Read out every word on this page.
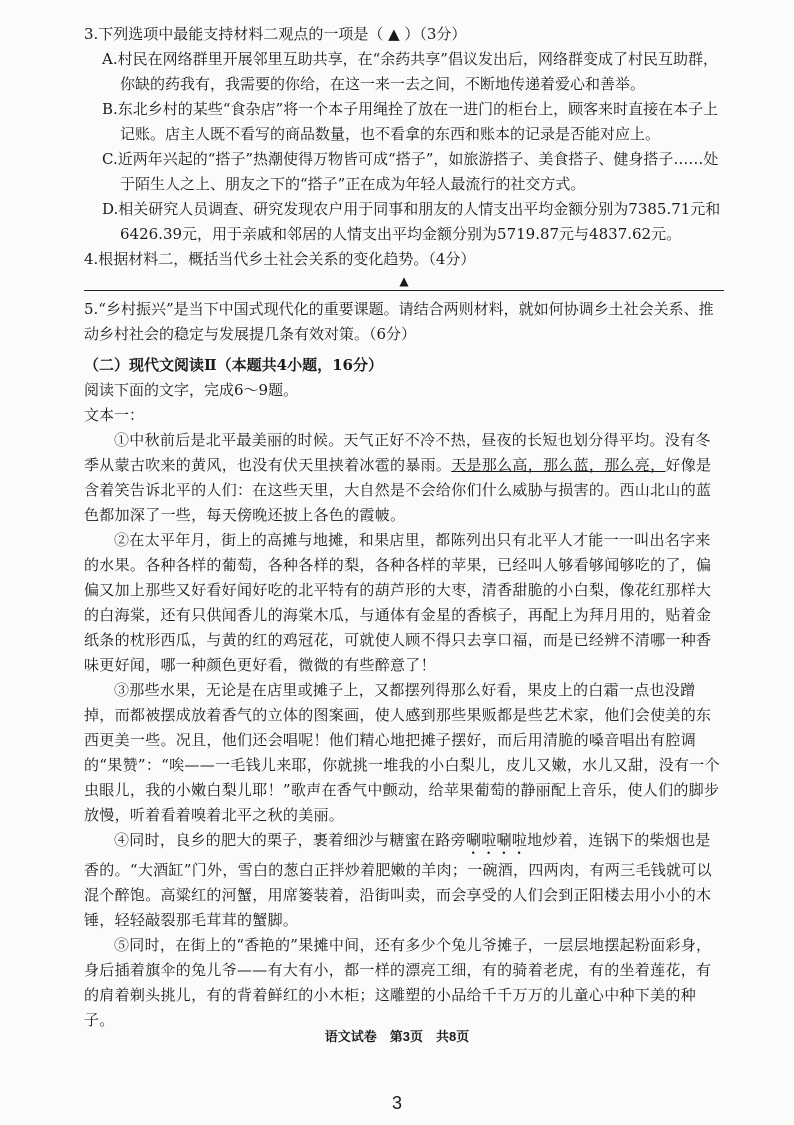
3.下列选项中最能支持材料二观点的一项是（ ▲ ）（3分）

A.村民在网络群里开展邻里互助共享，在“余药共享”倡议发出后，网络群变成了村民互助群，你缺的药我有，我需要的你给，在这一来一去之间，不断地传递着爱心和善举。

B.东北乡村的某些“食杂店”将一个本子用绳拴了放在一进门的柜台上，顾客来时直接在本子上记账。店主人既不看写的商品数量，也不看拿的东西和账本的记录是否能对应上。

C.近两年兴起的“搭子”热潮使得万物皆可成“搭子”，如旅游搭子、美食搭子、健身搭子……处于陌生人之上、朋友之下的“搭子”正在成为年轻人最流行的社交方式。

D.相关研究人员调查、研究发现农户用于同事和朋友的人情支出平均金额分别为7385.71元和6426.39元，用于亲戚和邻居的人情支出平均金额分别为5719.87元与4837.62元。

4.根据材料二，概括当代乡土社会关系的变化趋势。（4分）

▲

5.“乡村振兴”是当下中国式现代化的重要课题。请结合两则材料，就如何协调乡土社会关系、推动乡村社会的稳定与发展提几条有效对策。（6分）

（二）现代文阅读Ⅱ（本题共4小题，16分）

阅读下面的文字，完成6～9题。

文本一：

①中秋前后是北平最美丽的时候。天气正好不冷不热，昼夜的长短也划分得平均。没有冬季从蒙古吹来的黄风，也没有伏天里挟着冰雹的暴雨。天是那么高，那么蓝，那么亮，好像是含着笑告诉北平的人们：在这些天里，大自然是不会给你们什么威胁与损害的。西山北山的蓝色都加深了一些，每天傍晚还披上各色的霞帔。

②在太平年月，街上的高摊与地摊，和果店里，都陈列出只有北平人才能一一叫出名字来的水果。各种各样的葡萄，各种各样的梨，各种各样的苹果，已经叫人够看够闻够吃的了，偏偏又加上那些又好看好闻好吃的北平特有的葫芦形的大枣，清香甜脆的小白梨，像花红那样大的白海棠，还有只供闻香儿的海棠木瓜，与通体有金星的香槟子，再配上为拜月用的，贴着金纸条的枕形西瓜，与黄的红的鸡冠花，可就使人顾不得只去享口福，而是已经辨不清哪一种香味更好闻，哪一种颜色更好看，微微的有些醉意了！

③那些水果，无论是在店里或摊子上，又都摆列得那么好看，果皮上的白霜一点也没蹭掉，而都被摆成放着香气的立体的图案画，使人感到那些果贩都是些艺术家，他们会使美的东西更美一些。况且，他们还会唱呢！他们精心地把摊子摆好，而后用清脆的嗓音唱出有腔调的“果赞”：“唉——一毛钱儿来耶，你就挑一堆我的小白梨儿，皮儿又嫩，水儿又甜，没有一个虫眼儿，我的小嫩白梨儿耶！”歌声在香气中颤动，给苹果葡萄的静丽配上音乐，使人们的脚步放慢，听着看着嗅着北平之秋的美丽。

④同时，良乡的肥大的栗子，裹着细沙与糖蜜在路旁唰啦唰啦地炒着，连锅下的柴烟也是香的。“大酒缸”门外，雪白的葱白正拌炒着肥嫩的羊肉；一碗酒，四两肉，有两三毛钱就可以混个醉饱。高粱红的河蟹，用席篓装着，沿街叫卖，而会享受的人们会到正阳楼去用小小的木锤，轻轻敲裂那毛茸茸的蟹脚。

⑤同时，在街上的“香艳的”果摊中间，还有多少个兔儿爷摊子，一层层地摆起粉面彩身，身后插着旗伞的兔儿爷——有大有小，都一样的漂亮工细，有的骑着老虎，有的坐着莲花，有的肩着剃头挑儿，有的背着鲜红的小木柜；这雕塑的小品给千千万万的儿童心中种下美的种子。

语文试卷　第3页　共8页
3
